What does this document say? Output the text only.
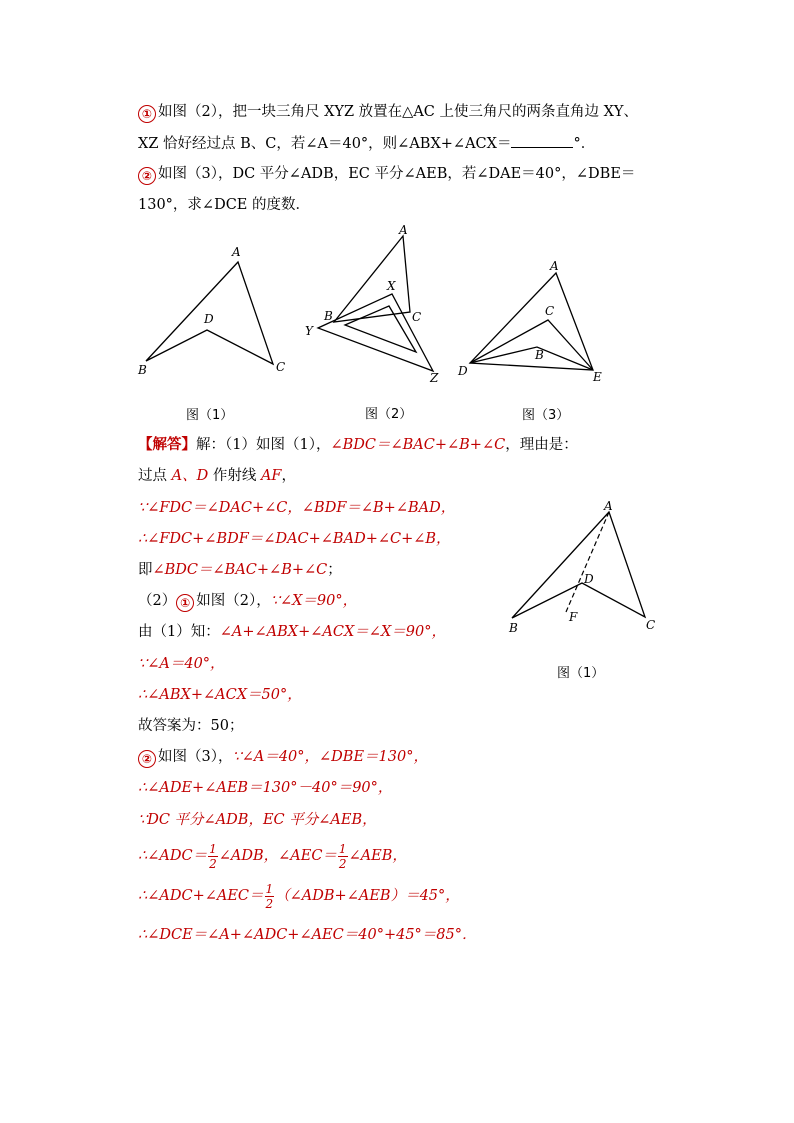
① 如图（2），把一块三角尺 XYZ 放置在△AC 上使三角尺的两条直角边 XY、
XZ 恰好经过点 B、C，若∠A＝40°，则∠ABX+∠ACX＝	°．
② 如图（3），DC 平分∠ADB，EC 平分∠AEB，若∠DAE＝40°，∠DBE＝
130°，求∠DCE 的度数．
A
D
B	C
A
X
B	C
Y
Z
A
C
B
D	E
A
D
F
B	C
图（1）	图（2）	图（3）
图（1）
【解答】解：（1）如图（1），∠BDC＝∠BAC+∠B+∠C，理由是：
过点 A、D 作射线 AF，
∵∠FDC＝∠DAC+∠C，∠BDF＝∠B+∠BAD，
∴∠FDC+∠BDF＝∠DAC+∠BAD+∠C+∠B，
即∠BDC＝∠BAC+∠B+∠C；
（2） ① 如图（2），∵∠X＝90°，
由（1）知：∠A+∠ABX+∠ACX＝∠X＝90°，
∵∠A＝40°，
∴∠ABX+∠ACX＝50°，
故答案为：50；
② 如图（3），∵∠A＝40°，∠DBE＝130°，
∴∠ADE+∠AEB＝130°－40°＝90°，
∵DC 平分∠ADB，EC 平分∠AEB，
∴∠ADC＝ $\frac{1}{2}$ ∠ADB，∠AEC＝ $\frac{1}{2}$ ∠AEB，
∴∠ADC+∠AEC＝ $\frac{1}{2}$ （∠ADB+∠AEB）＝45°，
∴∠DCE＝∠A+∠ADC+∠AEC＝40°+45°＝85°．
